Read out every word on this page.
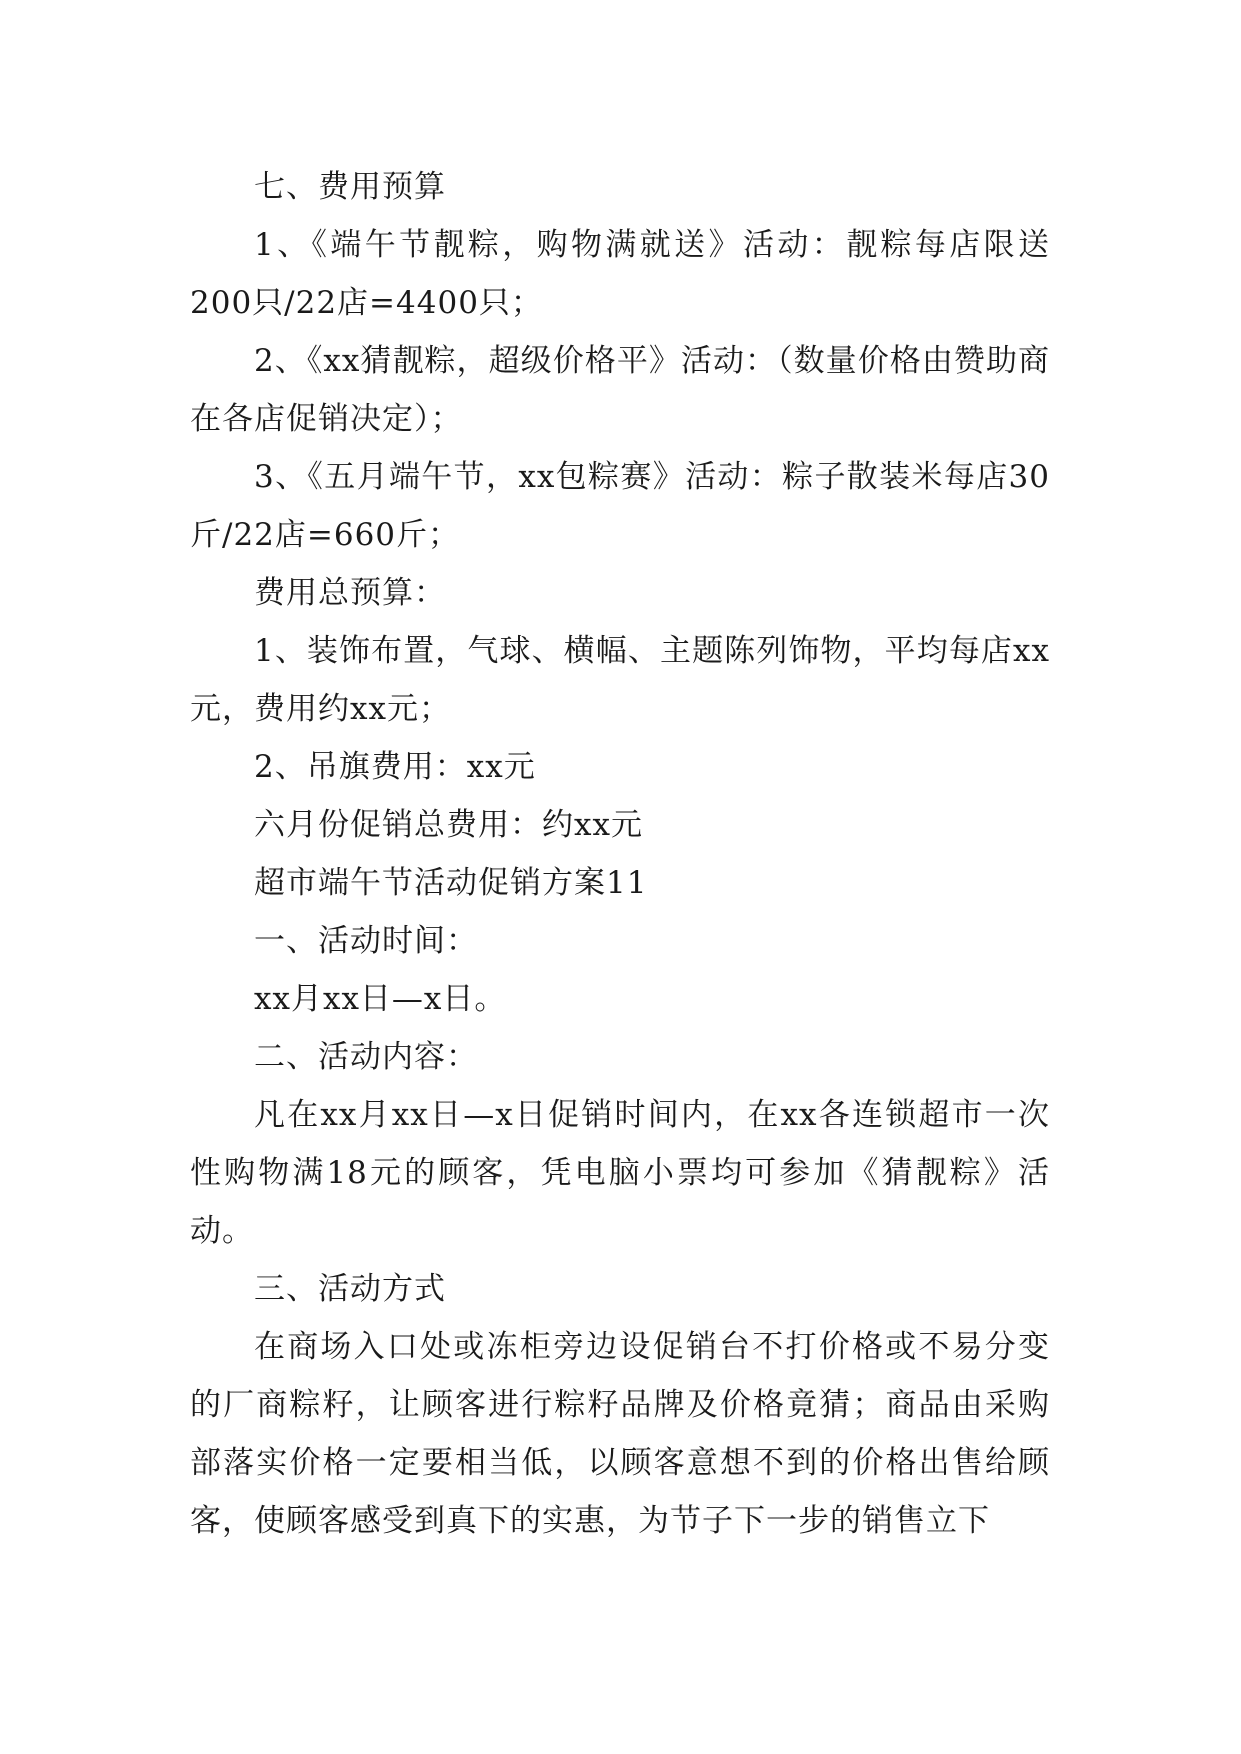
七、费用预算

1、《端午节靓粽，购物满就送》活动：靓粽每店限送200只/22店=4400只；

2、《xx猜靓粽，超级价格平》活动：（数量价格由赞助商在各店促销决定）；

3、《五月端午节，xx包粽赛》活动：粽子散装米每店30斤/22店=660斤；

费用总预算：

1、装饰布置，气球、横幅、主题陈列饰物，平均每店xx元，费用约xx元；

2、吊旗费用：xx元

六月份促销总费用：约xx元

超市端午节活动促销方案11

一、活动时间：

xx月xx日—x日。

二、活动内容：

凡在xx月xx日—x日促销时间内，在xx各连锁超市一次性购物满18元的顾客，凭电脑小票均可参加《猜靓粽》活动。

三、活动方式

在商场入口处或冻柜旁边设促销台不打价格或不易分变的厂商粽籽，让顾客进行粽籽品牌及价格竟猜；商品由采购部落实价格一定要相当低，以顾客意想不到的价格出售给顾客，使顾客感受到真下的实惠，为节子下一步的销售立下
